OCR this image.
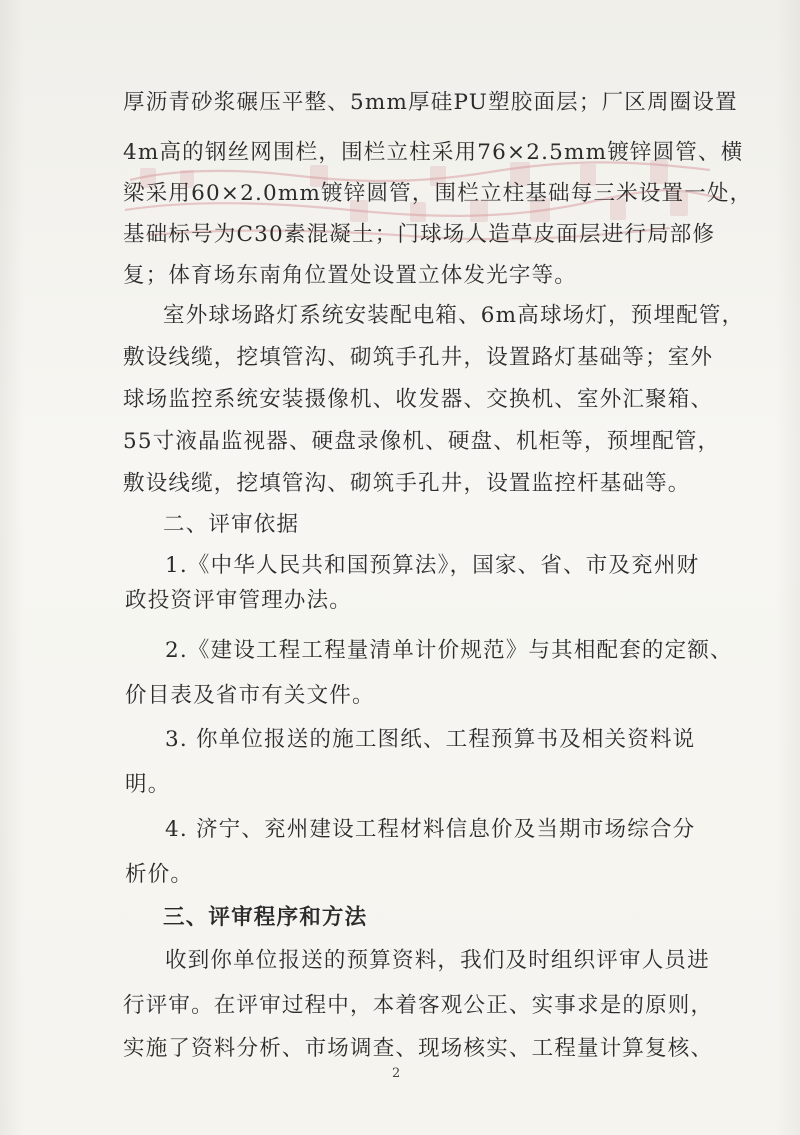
厚沥青砂浆碾压平整、5mm厚硅PU塑胶面层；厂区周圈设置
4m高的钢丝网围栏，围栏立柱采用76×2.5mm镀锌圆管、横
梁采用60×2.0mm镀锌圆管，围栏立柱基础每三米设置一处，
基础标号为C30素混凝土；门球场人造草皮面层进行局部修
复；体育场东南角位置处设置立体发光字等。
室外球场路灯系统安装配电箱、6m高球场灯，预埋配管，
敷设线缆，挖填管沟、砌筑手孔井，设置路灯基础等；室外
球场监控系统安装摄像机、收发器、交换机、室外汇聚箱、
55寸液晶监视器、硬盘录像机、硬盘、机柜等，预埋配管，
敷设线缆，挖填管沟、砌筑手孔井，设置监控杆基础等。
二、评审依据
1.《中华人民共和国预算法》，国家、省、市及兖州财
政投资评审管理办法。
2.《建设工程工程量清单计价规范》与其相配套的定额、
价目表及省市有关文件。
3. 你单位报送的施工图纸、工程预算书及相关资料说
明。
4. 济宁、兖州建设工程材料信息价及当期市场综合分
析价。
三、评审程序和方法
收到你单位报送的预算资料，我们及时组织评审人员进
行评审。在评审过程中，本着客观公正、实事求是的原则，
实施了资料分析、市场调查、现场核实、工程量计算复核、
2
